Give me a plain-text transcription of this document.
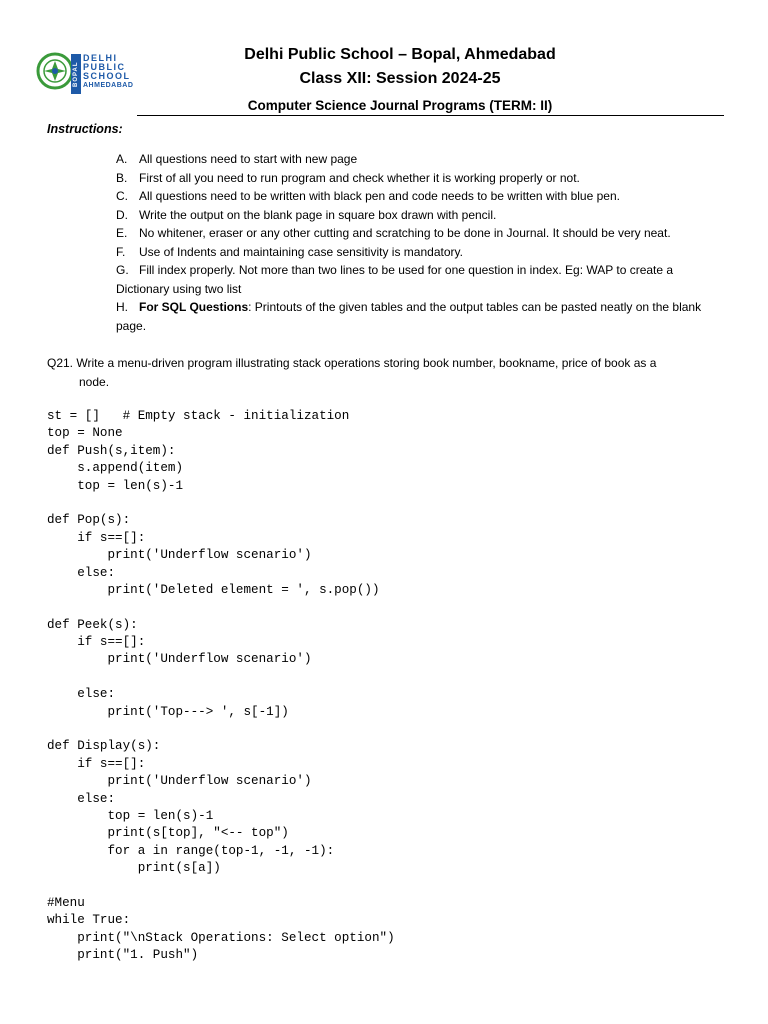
BOPAL
DELHI
PUBLIC
SCHOOL
AHMEDABAD
Delhi Public School – Bopal, Ahmedabad
Class XII: Session 2024-25
Computer Science Journal Programs (TERM: II)
Instructions:
A. All questions need to start with new page
B. First of all you need to run program and check whether it is working properly or not.
C. All questions need to be written with black pen and code needs to be written with blue pen.
D. Write the output on the blank page in square box drawn with pencil.
E. No whitener, eraser or any other cutting and scratching to be done in Journal. It should be very neat.
F. Use of Indents and maintaining case sensitivity is mandatory.
G. Fill index properly. Not more than two lines to be used for one question in index. Eg: WAP to create a Dictionary using two list
H. For SQL Questions: Printouts of the given tables and the output tables can be pasted neatly on the blank page.
Q21. Write a menu-driven program illustrating stack operations storing book number, bookname, price of book as a
node.
st = []   # Empty stack - initialization
top = None
def Push(s,item):
s.append(item)
top = len(s)-1
def Pop(s):
if s==[]:
print('Underflow scenario')
else:
print('Deleted element = ', s.pop())
def Peek(s):
if s==[]:
print('Underflow scenario')
else:
print('Top---> ', s[-1])
def Display(s):
if s==[]:
print('Underflow scenario')
else:
top = len(s)-1
print(s[top], "<-- top")
for a in range(top-1, -1, -1):
print(s[a])
#Menu
while True:
print("\nStack Operations: Select option")
print("1. Push")
